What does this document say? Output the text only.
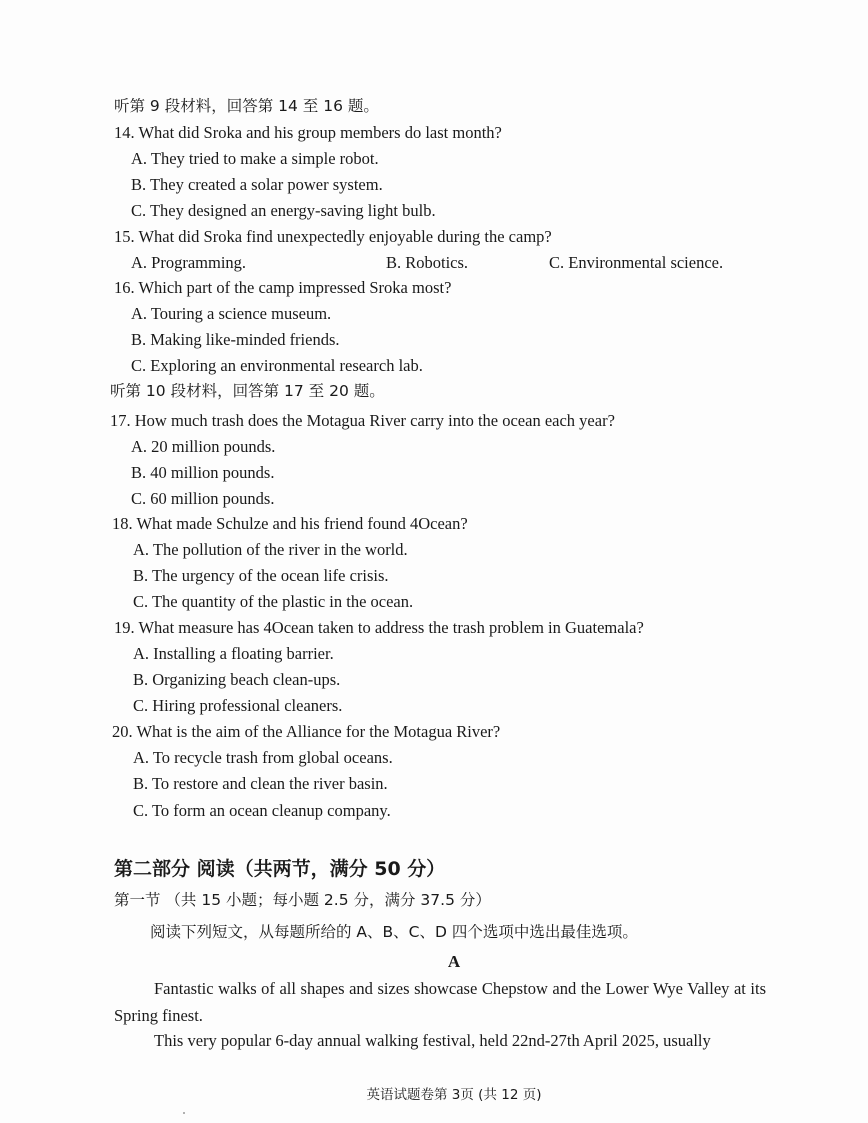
听第 9 段材料，回答第 14 至 16 题。
14. What did Sroka and his group members do last month?
A. They tried to make a simple robot.
B. They created a solar power system.
C. They designed an energy-saving light bulb.
15. What did Sroka find unexpectedly enjoyable during the camp?
A. Programming.	B. Robotics.	C. Environmental science.
16. Which part of the camp impressed Sroka most?
A. Touring a science museum.
B. Making like-minded friends.
C. Exploring an environmental research lab.
听第 10 段材料，回答第 17 至 20 题。
17. How much trash does the Motagua River carry into the ocean each year?
A. 20 million pounds.
B. 40 million pounds.
C. 60 million pounds.
18. What made Schulze and his friend found 4Ocean?
A. The pollution of the river in the world.
B. The urgency of the ocean life crisis.
C. The quantity of the plastic in the ocean.
19. What measure has 4Ocean taken to address the trash problem in Guatemala?
A. Installing a floating barrier.
B. Organizing beach clean-ups.
C. Hiring professional cleaners.
20. What is the aim of the Alliance for the Motagua River?
A. To recycle trash from global oceans.
B. To restore and clean the river basin.
C. To form an ocean cleanup company.
第二部分 阅读（共两节，满分 50 分）
第一节 （共 15 小题；每小题 2.5 分，满分 37.5 分）
阅读下列短文，从每题所给的 A、B、C、D 四个选项中选出最佳选项。
A
Fantastic walks of all shapes and sizes showcase Chepstow and the Lower Wye Valley at its Spring finest.
This very popular 6-day annual walking festival, held 22nd-27th April 2025, usually
英语试题卷第 3页 (共 12 页)
